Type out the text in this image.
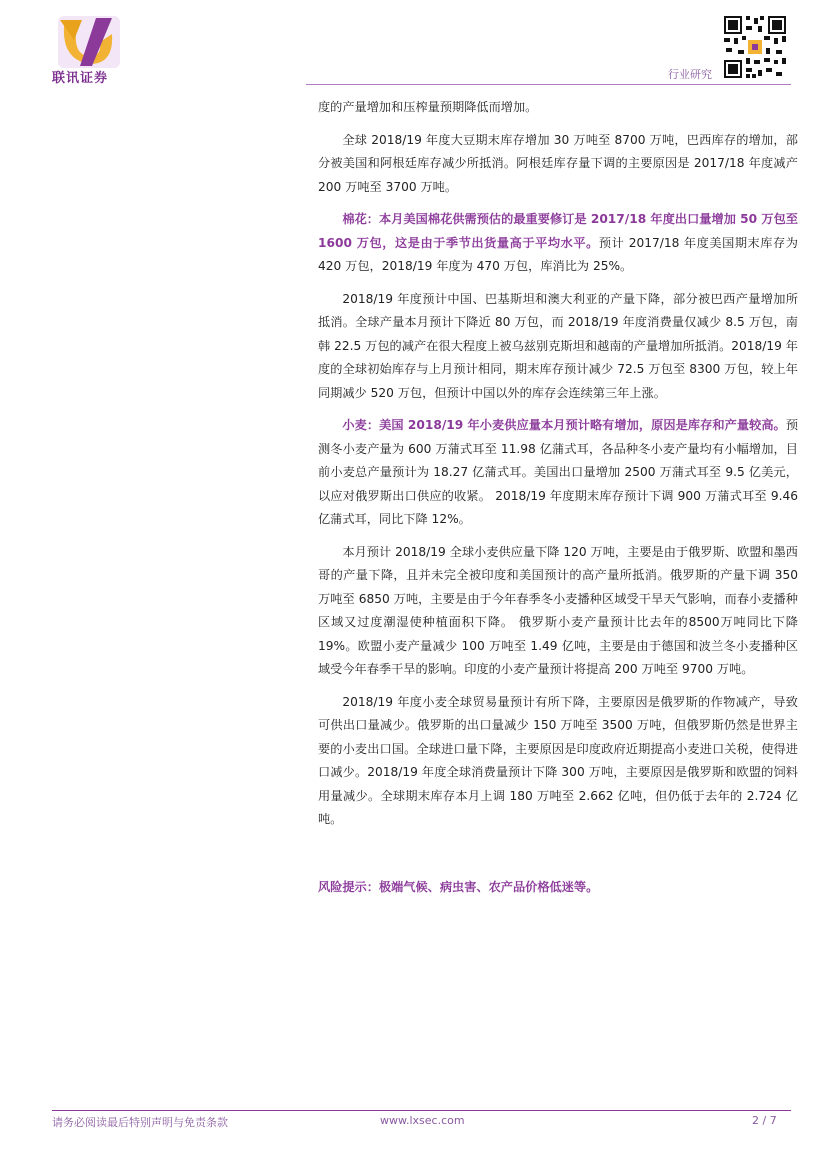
联讯证券	行业研究

度的产量增加和压榨量预期降低而增加。

全球 2018/19 年度大豆期末库存增加 30 万吨至 8700 万吨，巴西库存的增加，部分被美国和阿根廷库存减少所抵消。阿根廷库存量下调的主要原因是 2017/18 年度减产 200 万吨至 3700 万吨。

棉花：本月美国棉花供需预估的最重要修订是 2017/18 年度出口量增加 50 万包至 1600 万包，这是由于季节出货量高于平均水平。预计 2017/18 年度美国期末库存为 420 万包，2018/19 年度为 470 万包，库消比为 25%。

2018/19 年度预计中国、巴基斯坦和澳大利亚的产量下降，部分被巴西产量增加所抵消。全球产量本月预计下降近 80 万包，而 2018/19 年度消费量仅减少 8.5 万包，南韩 22.5 万包的减产在很大程度上被乌兹别克斯坦和越南的产量增加所抵消。2018/19 年度的全球初始库存与上月预计相同，期末库存预计减少 72.5 万包至 8300 万包，较上年同期减少 520 万包，但预计中国以外的库存会连续第三年上涨。

小麦：美国 2018/19 年小麦供应量本月预计略有增加，原因是库存和产量较高。预测冬小麦产量为 600 万蒲式耳至 11.98 亿蒲式耳，各品种冬小麦产量均有小幅增加，目前小麦总产量预计为 18.27 亿蒲式耳。美国出口量增加 2500 万蒲式耳至 9.5 亿美元，以应对俄罗斯出口供应的收紧。 2018/19 年度期末库存预计下调 900 万蒲式耳至 9.46 亿蒲式耳，同比下降 12%。

本月预计 2018/19 全球小麦供应量下降 120 万吨，主要是由于俄罗斯、欧盟和墨西哥的产量下降，且并未完全被印度和美国预计的高产量所抵消。俄罗斯的产量下调 350 万吨至 6850 万吨，主要是由于今年春季冬小麦播种区域受干旱天气影响，而春小麦播种区域又过度潮湿使种植面积下降。 俄罗斯小麦产量预计比去年的8500万吨同比下降19%。欧盟小麦产量减少 100 万吨至 1.49 亿吨，主要是由于德国和波兰冬小麦播种区域受今年春季干旱的影响。印度的小麦产量预计将提高 200 万吨至 9700 万吨。

2018/19 年度小麦全球贸易量预计有所下降，主要原因是俄罗斯的作物减产，导致可供出口量减少。俄罗斯的出口量减少 150 万吨至 3500 万吨，但俄罗斯仍然是世界主要的小麦出口国。全球进口量下降，主要原因是印度政府近期提高小麦进口关税，使得进口减少。2018/19 年度全球消费量预计下降 300 万吨，主要原因是俄罗斯和欧盟的饲料用量减少。全球期末库存本月上调 180 万吨至 2.662 亿吨，但仍低于去年的 2.724 亿吨。

风险提示：极端气候、病虫害、农产品价格低迷等。
请务必阅读最后特别声明与免责条款	www.lxsec.com	2 / 7
